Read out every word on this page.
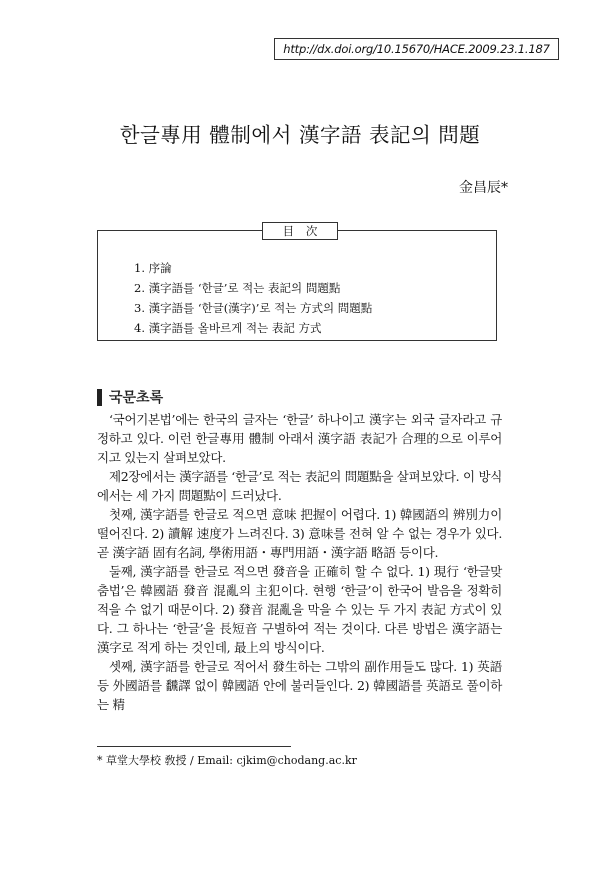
http://dx.doi.org/10.15670/HACE.2009.23.1.187
한글專用 體制에서 漢字語 表記의 問題
金昌辰*
目 次
1. 序論
2. 漢字語를 ‘한글’로 적는 表記의 問題點
3. 漢字語를 ‘한글(漢字)’로 적는 方式의 問題點
4. 漢字語를 올바르게 적는 表記 方式
국문초록

‘국어기본법’에는 한국의 글자는 ‘한글’ 하나이고 漢字는 외국 글자라고 규정하고 있다. 이런 한글專用 體制 아래서 漢字語 表記가 合理的으로 이루어지고 있는지 살펴보았다.

제2장에서는 漢字語를 ‘한글’로 적는 表記의 問題點을 살펴보았다. 이 방식에서는 세 가지 問題點이 드러났다.

첫째, 漢字語를 한글로 적으면 意味 把握이 어렵다. 1) 韓國語의 辨別力이 떨어진다. 2) 讀解 速度가 느려진다. 3) 意味를 전혀 알 수 없는 경우가 있다. 곧 漢字語 固有名詞, 學術用語・專門用語・漢字語 略語 등이다.

둘째, 漢字語를 한글로 적으면 發音을 正確히 할 수 없다. 1) 現行 ‘한글맞춤법’은 韓國語 發音 混亂의 主犯이다. 현행 ‘한글’이 한국어 발음을 정확히 적을 수 없기 때문이다. 2) 發音 混亂을 막을 수 있는 두 가지 表記 方式이 있다. 그 하나는 ‘한글’을 長短音 구별하여 적는 것이다. 다른 방법은 漢字語는 漢字로 적게 하는 것인데, 最上의 방식이다.

셋째, 漢字語를 한글로 적어서 發生하는 그밖의 副作用들도 많다. 1) 英語 등 外國語를 飜譯 없이 韓國語 안에 불러들인다. 2) 韓國語를 英語로 풀이하는 精

* 草堂大學校 敎授 / Email: cjkim@chodang.ac.kr
